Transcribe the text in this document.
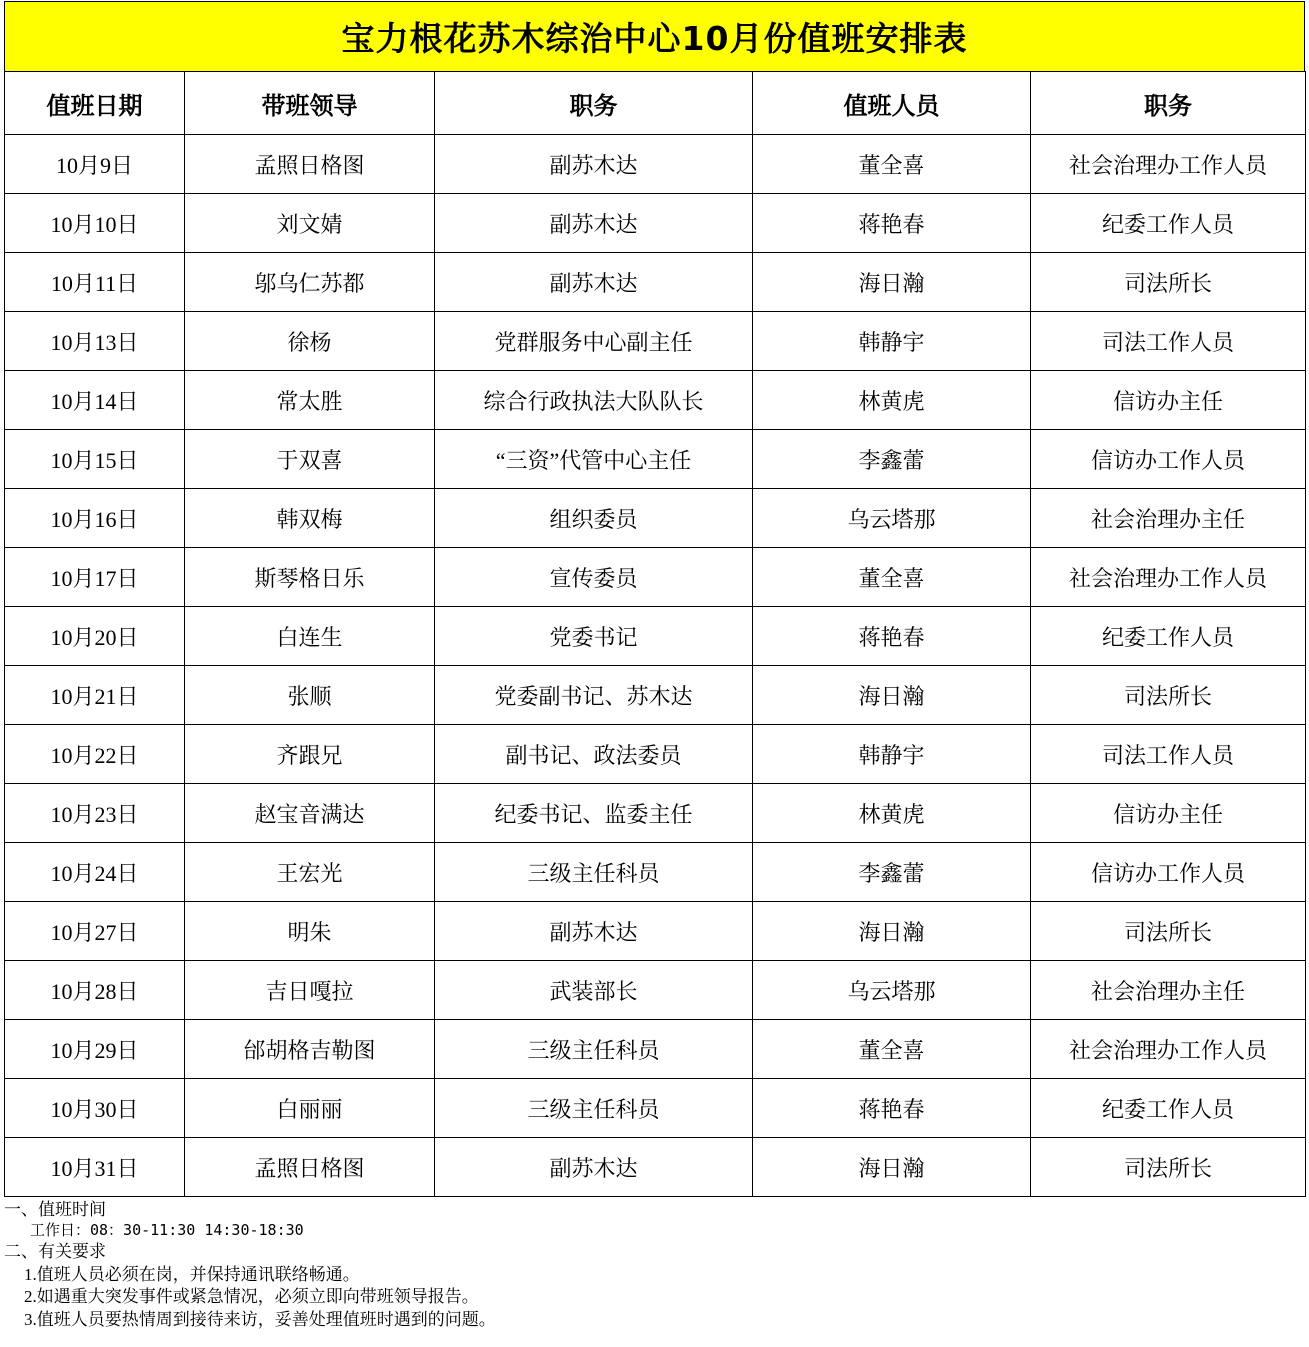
宝力根花苏木综治中心10月份值班安排表
值班日期	带班领导	职务	值班人员	职务
10月9日	孟照日格图	副苏木达	董全喜	社会治理办工作人员
10月10日	刘文婧	副苏木达	蒋艳春	纪委工作人员
10月11日	邬乌仁苏都	副苏木达	海日瀚	司法所长
10月13日	徐杨	党群服务中心副主任	韩静宇	司法工作人员
10月14日	常太胜	综合行政执法大队队长	林黄虎	信访办主任
10月15日	于双喜	“三资”代管中心主任	李鑫蕾	信访办工作人员
10月16日	韩双梅	组织委员	乌云塔那	社会治理办主任
10月17日	斯琴格日乐	宣传委员	董全喜	社会治理办工作人员
10月20日	白连生	党委书记	蒋艳春	纪委工作人员
10月21日	张顺	党委副书记、苏木达	海日瀚	司法所长
10月22日	齐跟兄	副书记、政法委员	韩静宇	司法工作人员
10月23日	赵宝音满达	纪委书记、监委主任	林黄虎	信访办主任
10月24日	王宏光	三级主任科员	李鑫蕾	信访办工作人员
10月27日	明朱	副苏木达	海日瀚	司法所长
10月28日	吉日嘎拉	武装部长	乌云塔那	社会治理办主任
10月29日	邰胡格吉勒图	三级主任科员	董全喜	社会治理办工作人员
10月30日	白丽丽	三级主任科员	蒋艳春	纪委工作人员
10月31日	孟照日格图	副苏木达	海日瀚	司法所长
一、值班时间
工作日：08：30-11:30 14:30-18:30
二、有关要求
1.值班人员必须在岗，并保持通讯联络畅通。
2.如遇重大突发事件或紧急情况，必须立即向带班领导报告。
3.值班人员要热情周到接待来访，妥善处理值班时遇到的问题。
